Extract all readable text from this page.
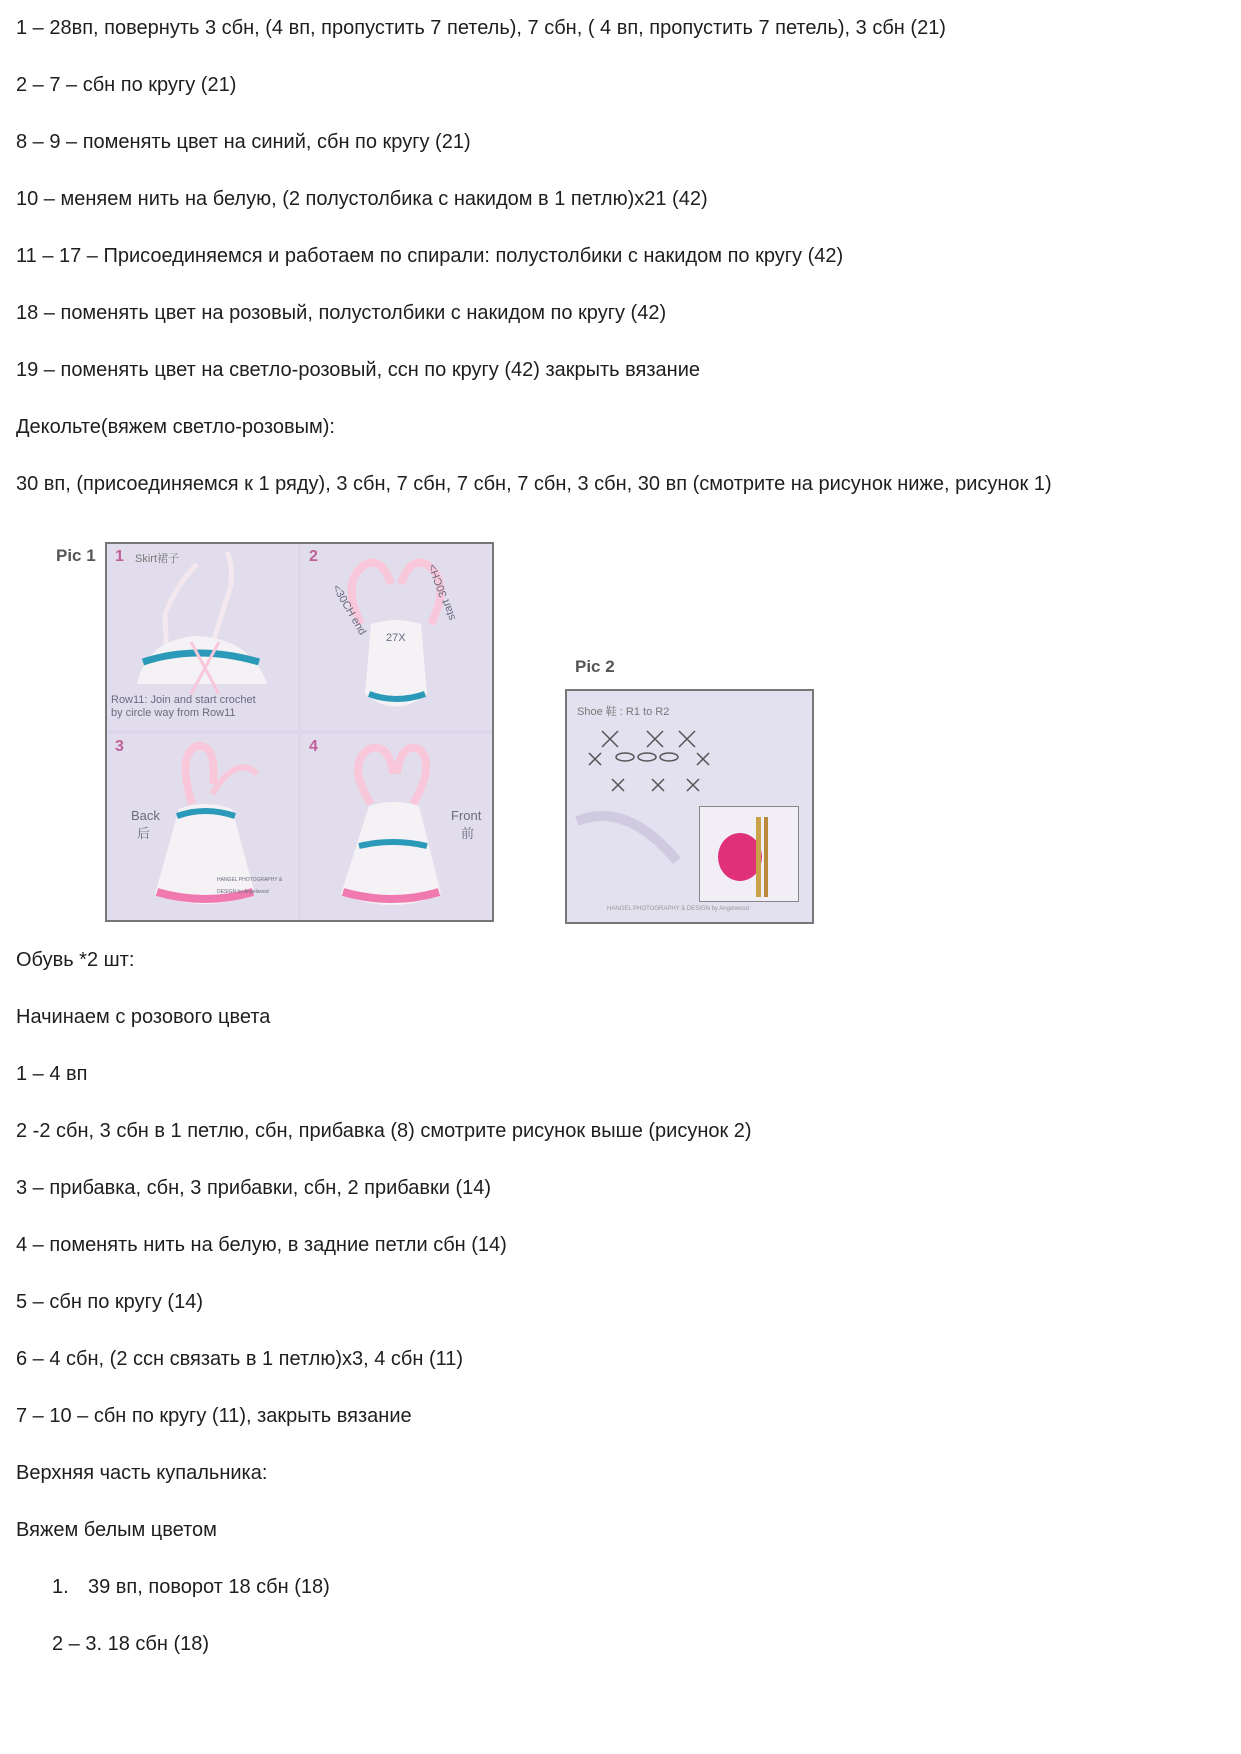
1 – 28вп, повернуть 3 сбн, (4 вп, пропустить 7 петель), 7 сбн, ( 4 вп, пропустить 7 петель), 3 сбн (21)
2 – 7 – сбн по кругу (21)
8 – 9 – поменять цвет на синий, сбн по кругу (21)
10 – меняем нить на белую, (2 полустолбика с накидом в 1 петлю)х21 (42)
11 – 17 – Присоединяемся и работаем по спирали: полустолбики с накидом по кругу (42)
18 – поменять цвет на розовый, полустолбики с накидом по кругу (42)
19 – поменять цвет на светло-розовый, ссн по кругу (42) закрыть вязание
Декольте(вяжем светло-розовым):
30 вп, (присоединяемся к 1 ряду), 3 сбн, 7 сбн, 7 сбн, 7 сбн, 3 сбн, 30 вп (смотрите на рисунок ниже, рисунок 1)
Pic 1 1 Skirt裙子
Row11: Join and start crochet
by circle way from Row11
2
<30CH end
27X
start 30CH>
3
Back
后
HANGEL PHOTOGRAPHY & DESIGN by Angelwood
4
Front
前
Pic 2
Shoe 鞋 : R1 to R2
HANGEL PHOTOGRAPHY & DESIGN by Angelwood
Обувь *2 шт:
Начинаем с розового цвета
1 – 4 вп
2 -2 сбн, 3 сбн в 1 петлю, сбн, прибавка (8) смотрите рисунок выше (рисунок 2)
3 – прибавка, сбн, 3 прибавки, сбн, 2 прибавки (14)
4 – поменять нить на белую, в задние петли сбн (14)
5 – сбн по кругу (14)
6 – 4 сбн, (2 ссн связать в 1 петлю)х3, 4 сбн (11)
7 – 10 – сбн по кругу (11), закрыть вязание
Верхняя часть купальника:
Вяжем белым цветом
1. 39 вп, поворот 18 сбн (18)
2 – 3. 18 сбн (18)
